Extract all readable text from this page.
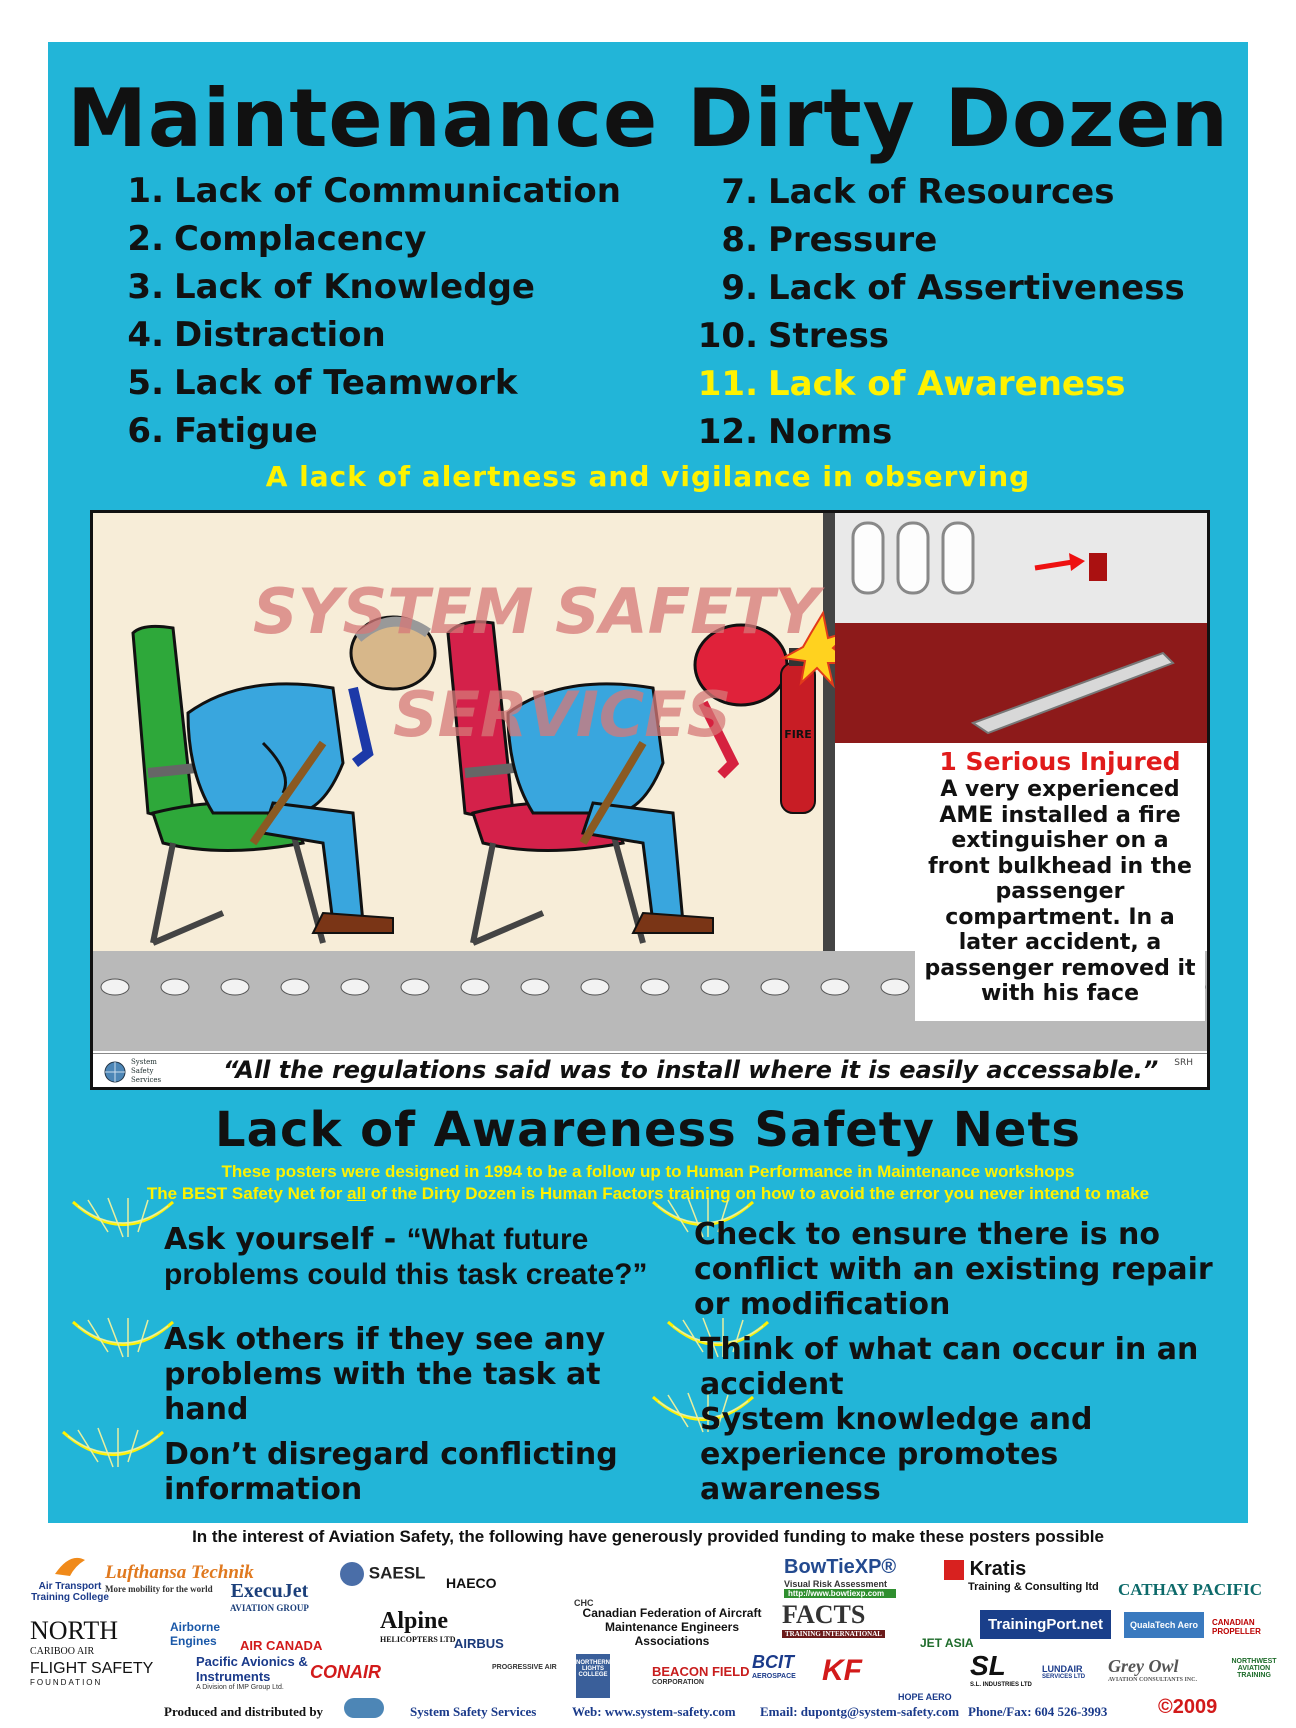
Maintenance Dirty Dozen
1. Lack of Communication
2. Complacency
3. Lack of Knowledge
4. Distraction
5. Lack of Teamwork
6. Fatigue
7. Lack of Resources
8. Pressure
9. Lack of Assertiveness
10. Stress
11. Lack of Awareness
12. Norms
A lack of alertness and vigilance in observing
FIRE
SYSTEM SAFETY
SERVICES
1 Serious Injured
A very experienced AME installed a fire extinguisher on a front bulkhead in the passenger compartment. In a later accident, a passenger removed it with his face
System Safety Services	“All the regulations said was to install where it is easily accessable.” SRH
Lack of Awareness Safety Nets
These posters were designed in 1994 to be a follow up to Human Performance in Maintenance workshops
The BEST Safety Net for all of the Dirty Dozen is Human Factors training on how to avoid the error you never intend to make
Ask yourself - “What future problems could this task create?”
Ask others if they see any problems with the task at hand
Don’t disregard conflicting information
Check to ensure there is no conflict with an existing repair or modification
Think of what can occur in an accident
System knowledge and experience promotes awareness
In the interest of Aviation Safety, the following have generously provided funding to make these posters possible
Air Transport Training College
Lufthansa Technik
More mobility for the world ExecuJet
AVIATION GROUP
SAESL
HAECO
CHC
BowTieXP®
Visual Risk Assessment
http://www.bowtiexp.com
Kratis
Training & Consulting ltd CATHAY PACIFIC
NORTH
CARIBOO AIR
Airborne Engines	AIR CANADA
Alpine
HELICOPTERS LTD
AIRBUS
Canadian Federation of Aircraft Maintenance Engineers Associations
FACTS
TRAINING INTERNATIONAL
JET ASIA
TrainingPort.net	QualaTech Aero	CANADIAN PROPELLER
FLIGHT SAFETY
FOUNDATION
Pacific Avionics & Instruments
A Division of IMP Group Ltd.
CONAIR	PROGRESSIVE AIR
NORTHERN LIGHTS COLLEGE	BEACON FIELD
CORPORATION
BCIT
AEROSPACE KF
HOPE AERO
SL
S.L. INDUSTRIES LTD
LUNDAIR
SERVICES LTD
Grey Owl
AVIATION CONSULTANTS INC.
NORTHWEST AVIATION TRAINING
Produced and distributed by	System Safety Services	Web: www.system-safety.com Email: dupontg@system-safety.com Phone/Fax: 604 526-3993	©2009
